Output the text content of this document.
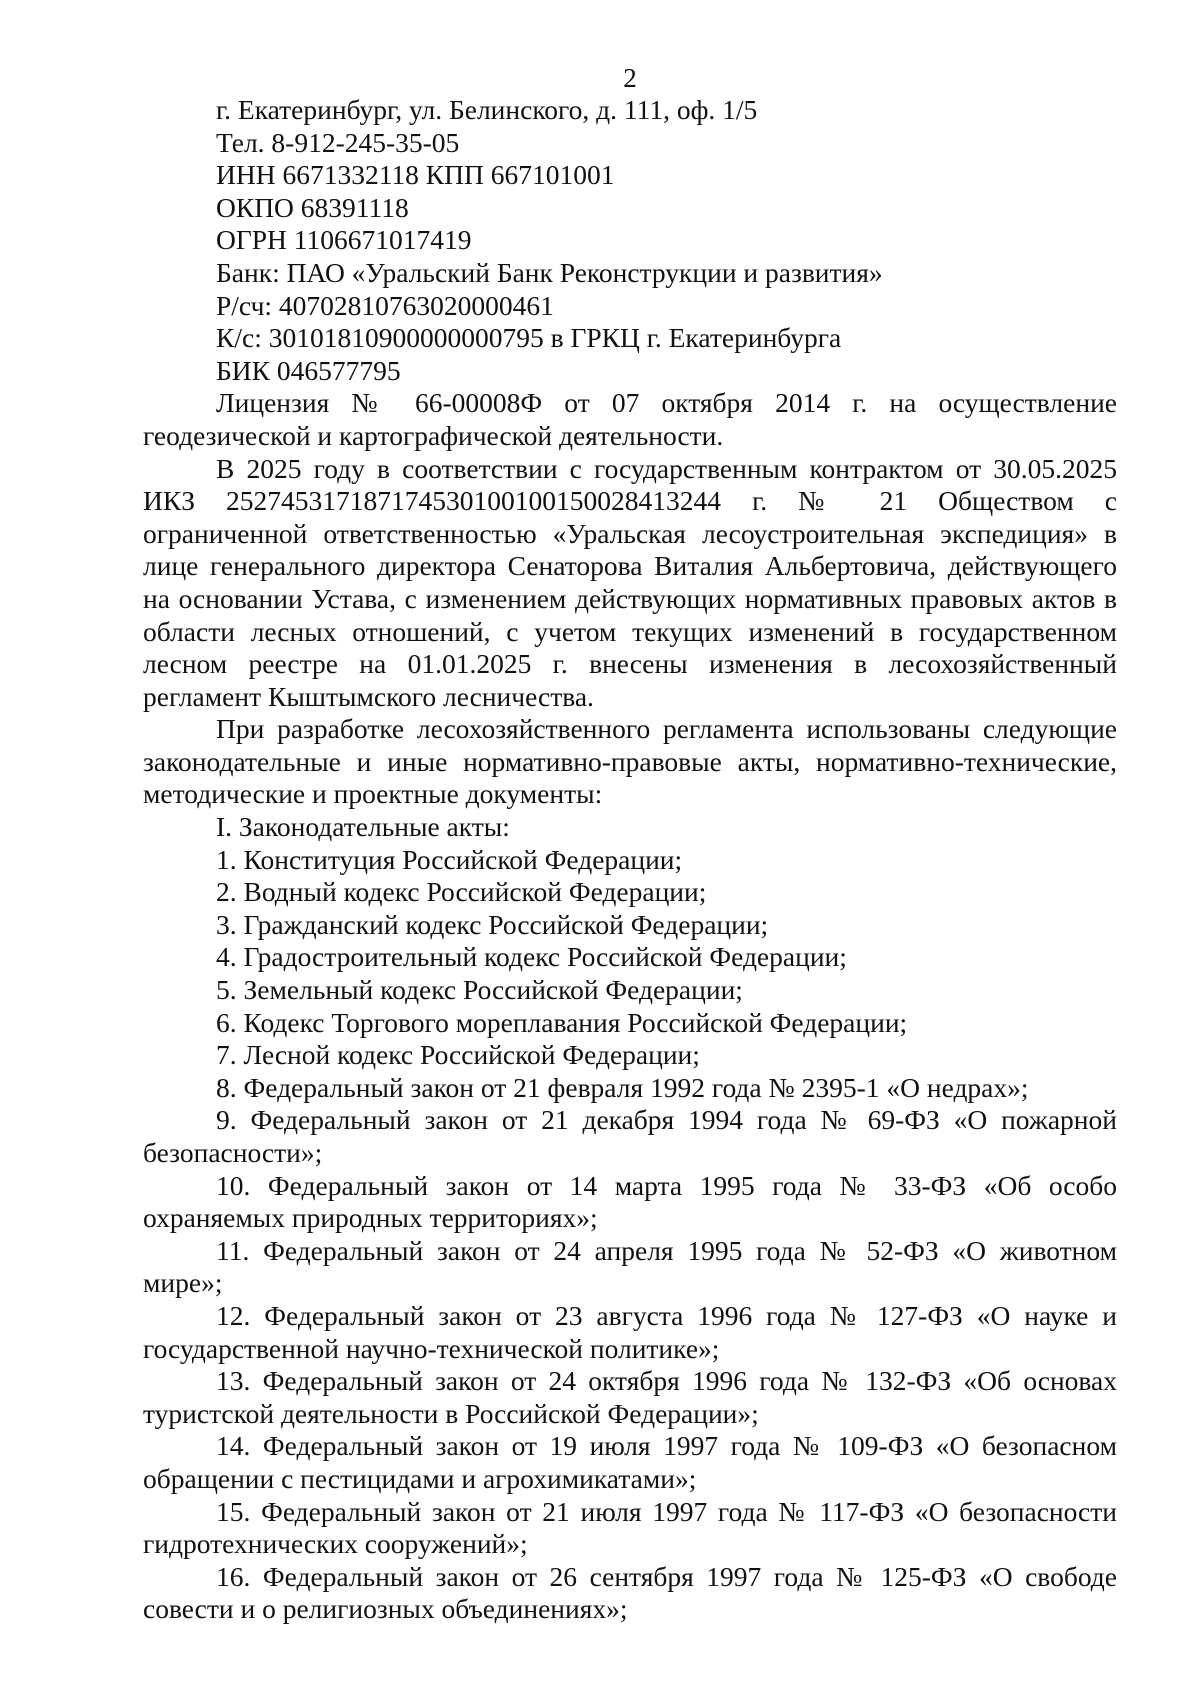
2

г. Екатеринбург, ул. Белинского, д. 111, оф. 1/5

Тел. 8-912-245-35-05

ИНН 6671332118 КПП 667101001

ОКПО 68391118

ОГРН 1106671017419

Банк: ПАО «Уральский Банк Реконструкции и развития»

Р/сч: 40702810763020000461

К/с: 30101810900000000795 в ГРКЦ г. Екатеринбурга

БИК 046577795

Лицензия № 66-00008Ф от 07 октября 2014 г. на осуществление геодезической и картографической деятельности.

В 2025 году в соответствии с государственным контрактом от 30.05.2025 ИКЗ 252745317187174530100100150028413244 г. № 21 Обществом с ограниченной ответственностью «Уральская лесоустроительная экспедиция» в лице генерального директора Сенаторова Виталия Альбертовича, действующего на основании Устава, с изменением действующих нормативных правовых актов в области лесных отношений, с учетом текущих изменений в государственном лесном реестре на 01.01.2025 г. внесены изменения в лесохозяйственный регламент Кыштымского лесничества.

При разработке лесохозяйственного регламента использованы следующие законодательные и иные нормативно-правовые акты, нормативно-технические, методические и проектные документы:

I. Законодательные акты:

1. Конституция Российской Федерации;

2. Водный кодекс Российской Федерации;

3. Гражданский кодекс Российской Федерации;

4. Градостроительный кодекс Российской Федерации;

5. Земельный кодекс Российской Федерации;

6. Кодекс Торгового мореплавания Российской Федерации;

7. Лесной кодекс Российской Федерации;

8. Федеральный закон от 21 февраля 1992 года № 2395-1 «О недрах»;

9. Федеральный закон от 21 декабря 1994 года № 69-ФЗ «О пожарной безопасности»;

10. Федеральный закон от 14 марта 1995 года № 33-ФЗ «Об особо охраняемых природных территориях»;

11. Федеральный закон от 24 апреля 1995 года № 52-ФЗ «О животном мире»;

12. Федеральный закон от 23 августа 1996 года № 127-ФЗ «О науке и государственной научно-технической политике»;

13. Федеральный закон от 24 октября 1996 года № 132-ФЗ «Об основах туристской деятельности в Российской Федерации»;

14. Федеральный закон от 19 июля 1997 года № 109-ФЗ «О безопасном обращении с пестицидами и агрохимикатами»;

15. Федеральный закон от 21 июля 1997 года № 117-ФЗ «О безопасности гидротехнических сооружений»;

16. Федеральный закон от 26 сентября 1997 года № 125-ФЗ «О свободе совести и о религиозных объединениях»;
